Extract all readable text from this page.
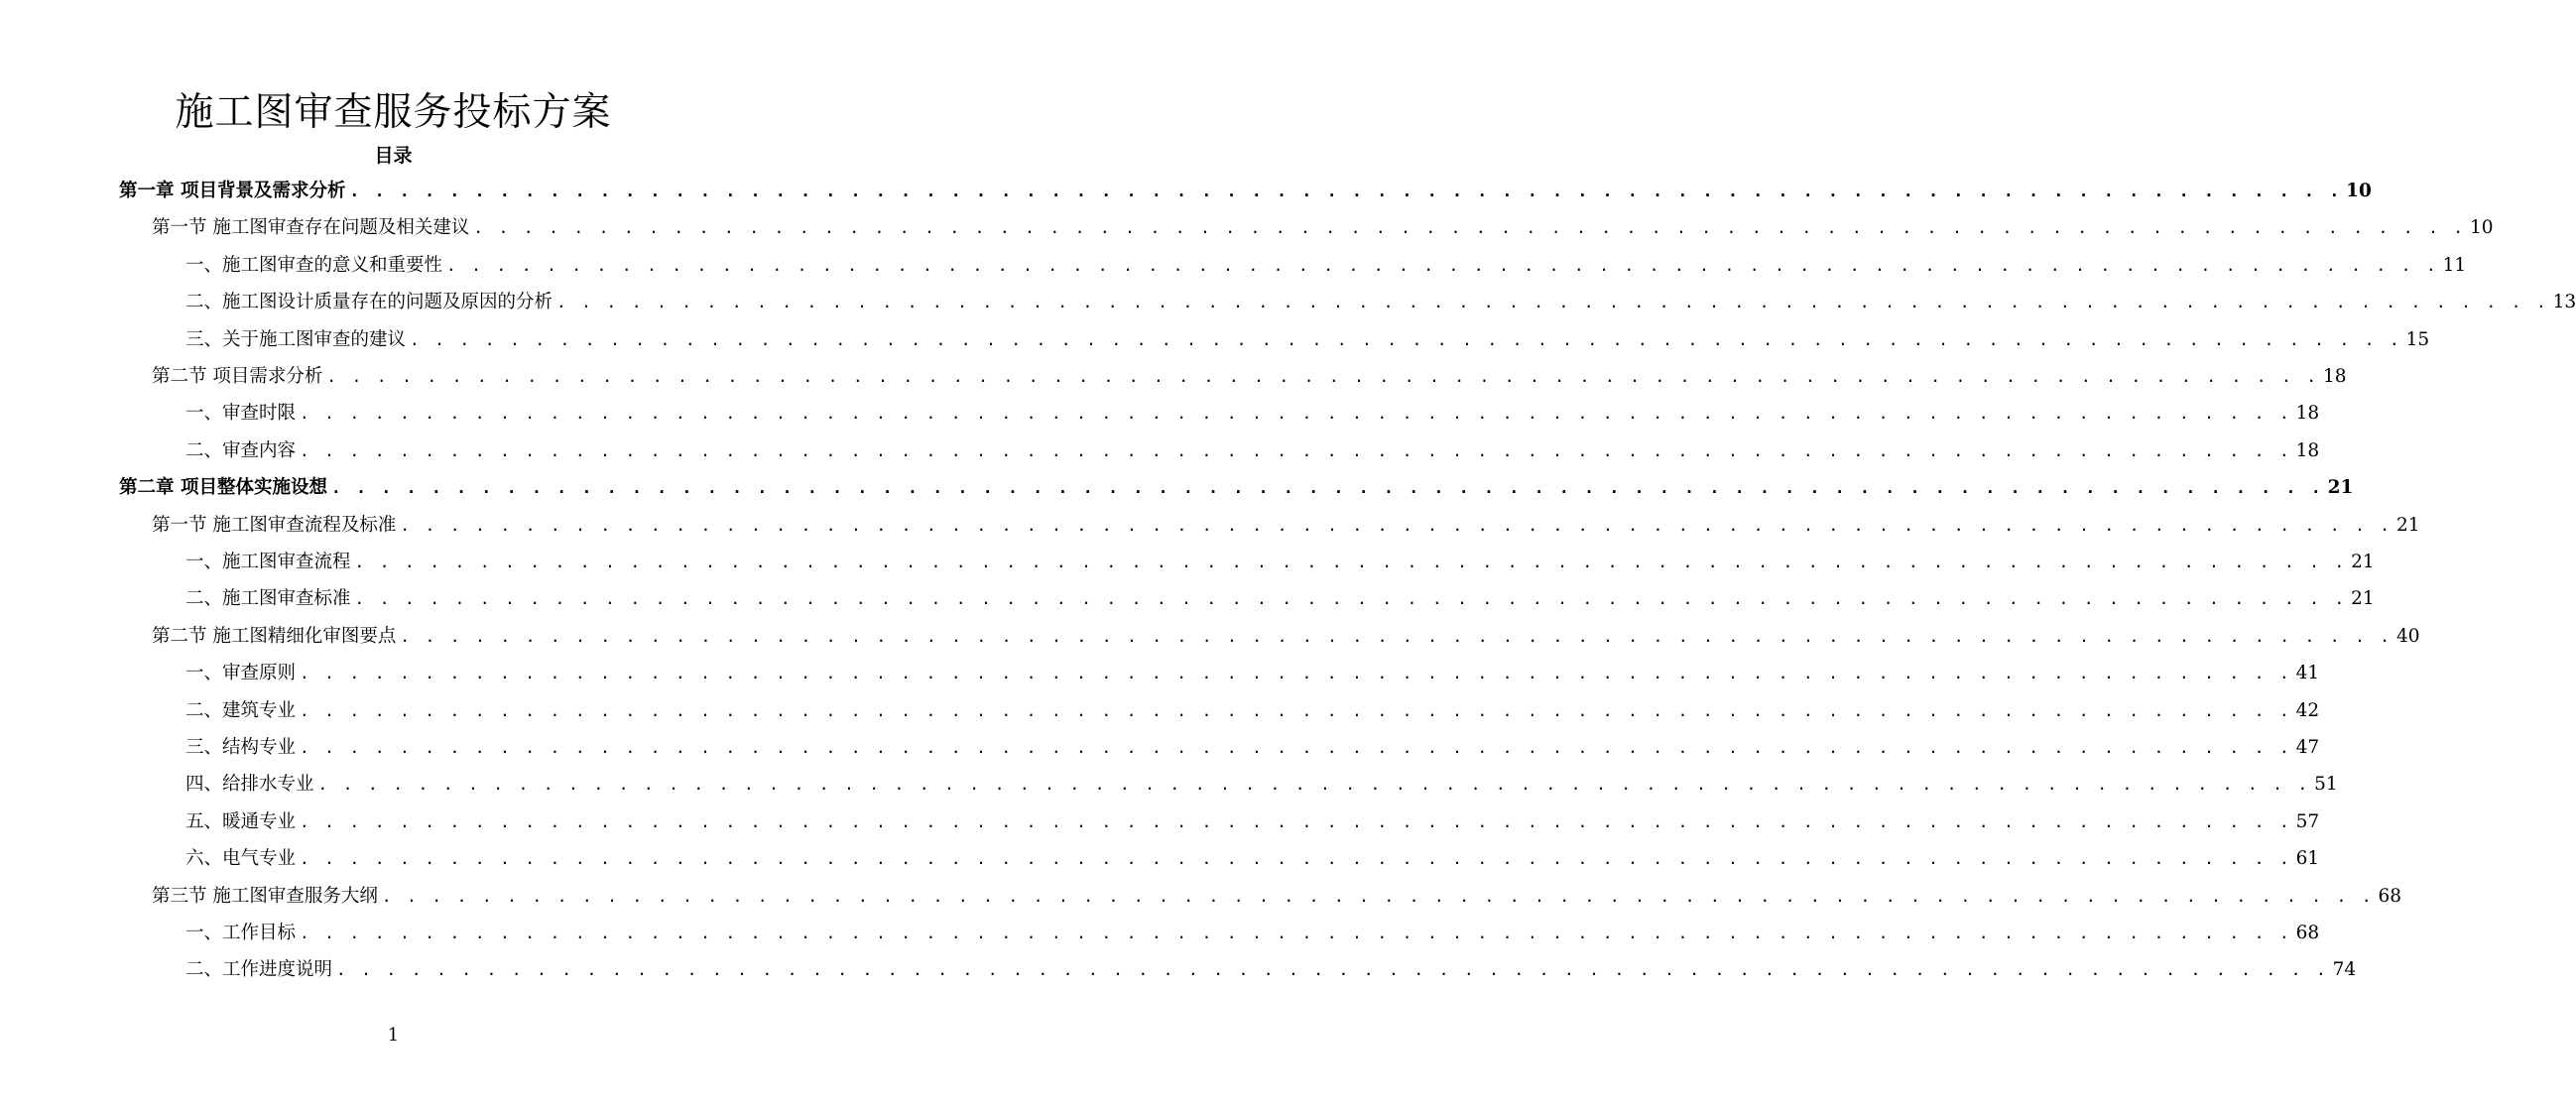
施工图审查服务投标方案
目录
第一章 项目背景及需求分析 . . . . . . . . . . . . . . . . . . . . . . . . . . . . . . . . . . . . . . . . . . . . . . . . . . . . . . . . . . . . . . . . . . . . . . . . . . . . . . . . 10
第一节 施工图审查存在问题及相关建议 . . . . . . . . . . . . . . . . . . . . . . . . . . . . . . . . . . . . . . . . . . . . . . . . . . . . . . . . . . . . . . . . . . . . . . . . . . . . . . . . 10
一、施工图审查的意义和重要性 . . . . . . . . . . . . . . . . . . . . . . . . . . . . . . . . . . . . . . . . . . . . . . . . . . . . . . . . . . . . . . . . . . . . . . . . . . . . . . . . 11
二、施工图设计质量存在的问题及原因的分析 . . . . . . . . . . . . . . . . . . . . . . . . . . . . . . . . . . . . . . . . . . . . . . . . . . . . . . . . . . . . . . . . . . . . . . . . . . . . . . . . 13
三、关于施工图审查的建议 . . . . . . . . . . . . . . . . . . . . . . . . . . . . . . . . . . . . . . . . . . . . . . . . . . . . . . . . . . . . . . . . . . . . . . . . . . . . . . . . 15
第二节 项目需求分析 . . . . . . . . . . . . . . . . . . . . . . . . . . . . . . . . . . . . . . . . . . . . . . . . . . . . . . . . . . . . . . . . . . . . . . . . . . . . . . . . 18
一、审查时限 . . . . . . . . . . . . . . . . . . . . . . . . . . . . . . . . . . . . . . . . . . . . . . . . . . . . . . . . . . . . . . . . . . . . . . . . . . . . . . . . 18
二、审查内容 . . . . . . . . . . . . . . . . . . . . . . . . . . . . . . . . . . . . . . . . . . . . . . . . . . . . . . . . . . . . . . . . . . . . . . . . . . . . . . . . 18
第二章 项目整体实施设想 . . . . . . . . . . . . . . . . . . . . . . . . . . . . . . . . . . . . . . . . . . . . . . . . . . . . . . . . . . . . . . . . . . . . . . . . . . . . . . . . 21
第一节 施工图审查流程及标准 . . . . . . . . . . . . . . . . . . . . . . . . . . . . . . . . . . . . . . . . . . . . . . . . . . . . . . . . . . . . . . . . . . . . . . . . . . . . . . . . 21
一、施工图审查流程 . . . . . . . . . . . . . . . . . . . . . . . . . . . . . . . . . . . . . . . . . . . . . . . . . . . . . . . . . . . . . . . . . . . . . . . . . . . . . . . . 21
二、施工图审查标准 . . . . . . . . . . . . . . . . . . . . . . . . . . . . . . . . . . . . . . . . . . . . . . . . . . . . . . . . . . . . . . . . . . . . . . . . . . . . . . . . 21
第二节 施工图精细化审图要点 . . . . . . . . . . . . . . . . . . . . . . . . . . . . . . . . . . . . . . . . . . . . . . . . . . . . . . . . . . . . . . . . . . . . . . . . . . . . . . . . 40
一、审查原则 . . . . . . . . . . . . . . . . . . . . . . . . . . . . . . . . . . . . . . . . . . . . . . . . . . . . . . . . . . . . . . . . . . . . . . . . . . . . . . . . 41
二、建筑专业 . . . . . . . . . . . . . . . . . . . . . . . . . . . . . . . . . . . . . . . . . . . . . . . . . . . . . . . . . . . . . . . . . . . . . . . . . . . . . . . . 42
三、结构专业 . . . . . . . . . . . . . . . . . . . . . . . . . . . . . . . . . . . . . . . . . . . . . . . . . . . . . . . . . . . . . . . . . . . . . . . . . . . . . . . . 47
四、给排水专业 . . . . . . . . . . . . . . . . . . . . . . . . . . . . . . . . . . . . . . . . . . . . . . . . . . . . . . . . . . . . . . . . . . . . . . . . . . . . . . . . 51
五、暖通专业 . . . . . . . . . . . . . . . . . . . . . . . . . . . . . . . . . . . . . . . . . . . . . . . . . . . . . . . . . . . . . . . . . . . . . . . . . . . . . . . . 57
六、电气专业 . . . . . . . . . . . . . . . . . . . . . . . . . . . . . . . . . . . . . . . . . . . . . . . . . . . . . . . . . . . . . . . . . . . . . . . . . . . . . . . . 61
第三节 施工图审查服务大纲 . . . . . . . . . . . . . . . . . . . . . . . . . . . . . . . . . . . . . . . . . . . . . . . . . . . . . . . . . . . . . . . . . . . . . . . . . . . . . . . . 68
一、工作目标 . . . . . . . . . . . . . . . . . . . . . . . . . . . . . . . . . . . . . . . . . . . . . . . . . . . . . . . . . . . . . . . . . . . . . . . . . . . . . . . . 68
二、工作进度说明 . . . . . . . . . . . . . . . . . . . . . . . . . . . . . . . . . . . . . . . . . . . . . . . . . . . . . . . . . . . . . . . . . . . . . . . . . . . . . . . . 74
1
